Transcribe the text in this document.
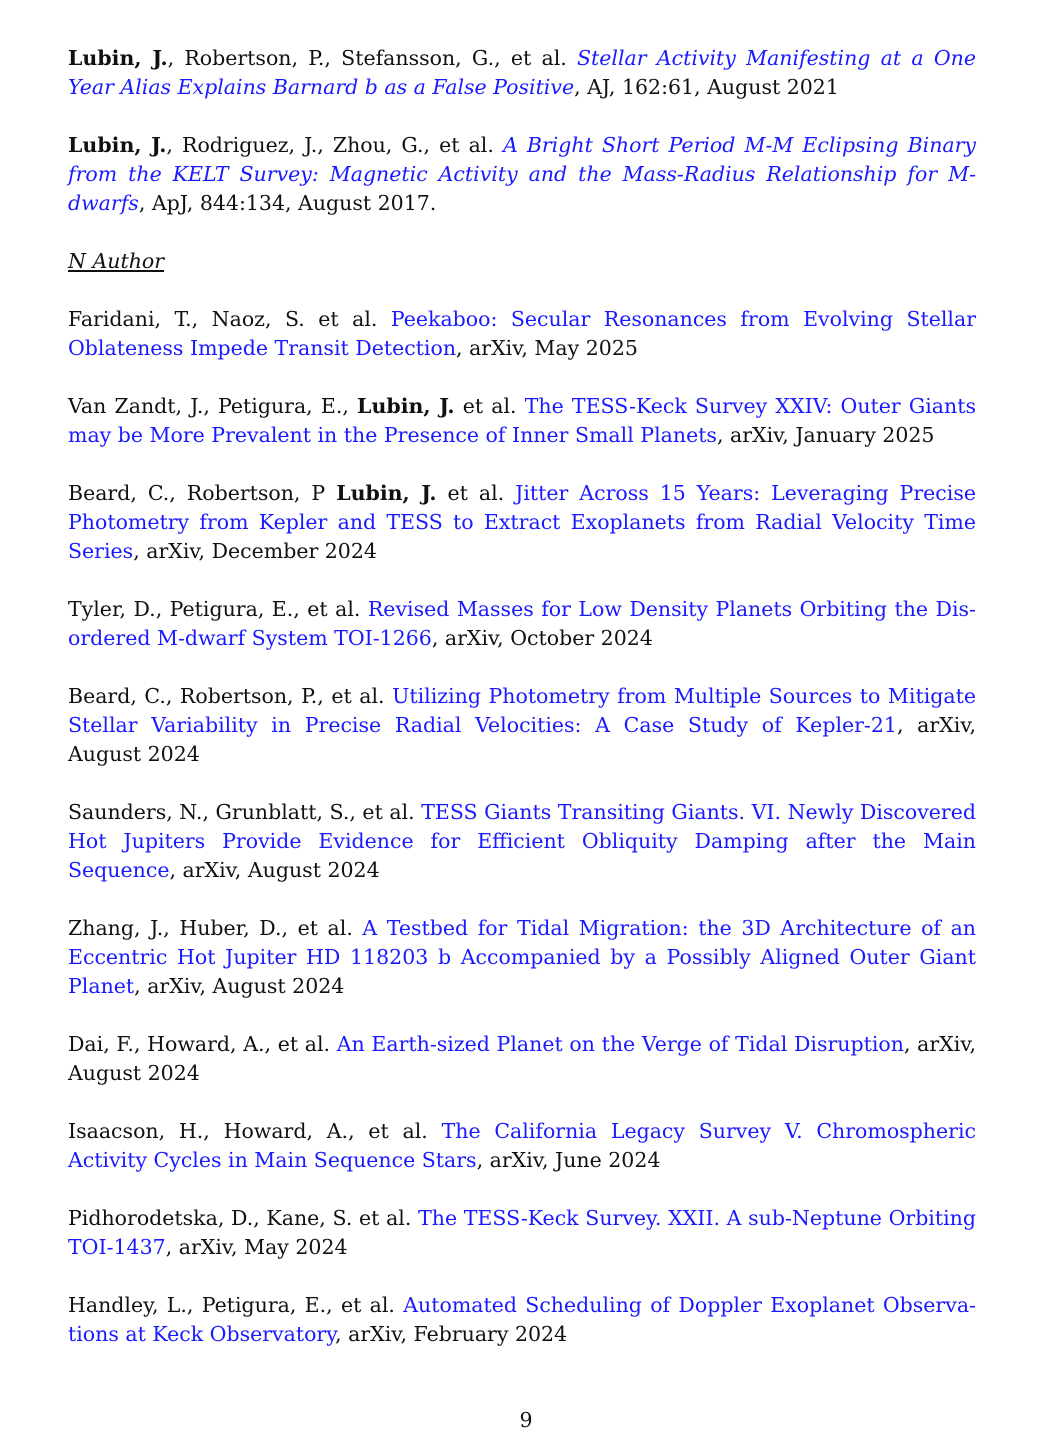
Lubin, J., Robertson, P., Stefansson, G., et al. Stellar Activity Manifesting at a One Year Alias Explains Barnard b as a False Positive, AJ, 162:61, August 2021

Lubin, J., Rodriguez, J., Zhou, G., et al. A Bright Short Period M-M Eclipsing Binary from the KELT Survey: Magnetic Activity and the Mass-Radius Relationship for M-dwarfs, ApJ, 844:134, August 2017.

N Author

Faridani, T., Naoz, S. et al. Peekaboo: Secular Resonances from Evolving Stellar Oblateness Impede Transit Detection, arXiv, May 2025

Van Zandt, J., Petigura, E., Lubin, J. et al. The TESS-Keck Survey XXIV: Outer Giants may be More Prevalent in the Presence of Inner Small Planets, arXiv, January 2025

Beard, C., Robertson, P Lubin, J. et al. Jitter Across 15 Years: Leveraging Precise Photometry from Kepler and TESS to Extract Exoplanets from Radial Velocity Time Series, arXiv, December 2024

Tyler, D., Petigura, E., et al. Revised Masses for Low Density Planets Orbiting the Disordered M-dwarf System TOI-1266, arXiv, October 2024

Beard, C., Robertson, P., et al. Utilizing Photometry from Multiple Sources to Mitigate Stellar Variability in Precise Radial Velocities: A Case Study of Kepler-21, arXiv, August 2024

Saunders, N., Grunblatt, S., et al. TESS Giants Transiting Giants. VI. Newly Discovered Hot Jupiters Provide Evidence for Efficient Obliquity Damping after the Main Sequence, arXiv, August 2024

Zhang, J., Huber, D., et al. A Testbed for Tidal Migration: the 3D Architecture of an Eccentric Hot Jupiter HD 118203 b Accompanied by a Possibly Aligned Outer Giant Planet, arXiv, August 2024

Dai, F., Howard, A., et al. An Earth-sized Planet on the Verge of Tidal Disruption, arXiv, August 2024

Isaacson, H., Howard, A., et al. The California Legacy Survey V. Chromospheric Activity Cycles in Main Sequence Stars, arXiv, June 2024

Pidhorodetska, D., Kane, S. et al. The TESS-Keck Survey. XXII. A sub-Neptune Orbiting TOI-1437, arXiv, May 2024

Handley, L., Petigura, E., et al. Automated Scheduling of Doppler Exoplanet Observations at Keck Observatory, arXiv, February 2024

9
